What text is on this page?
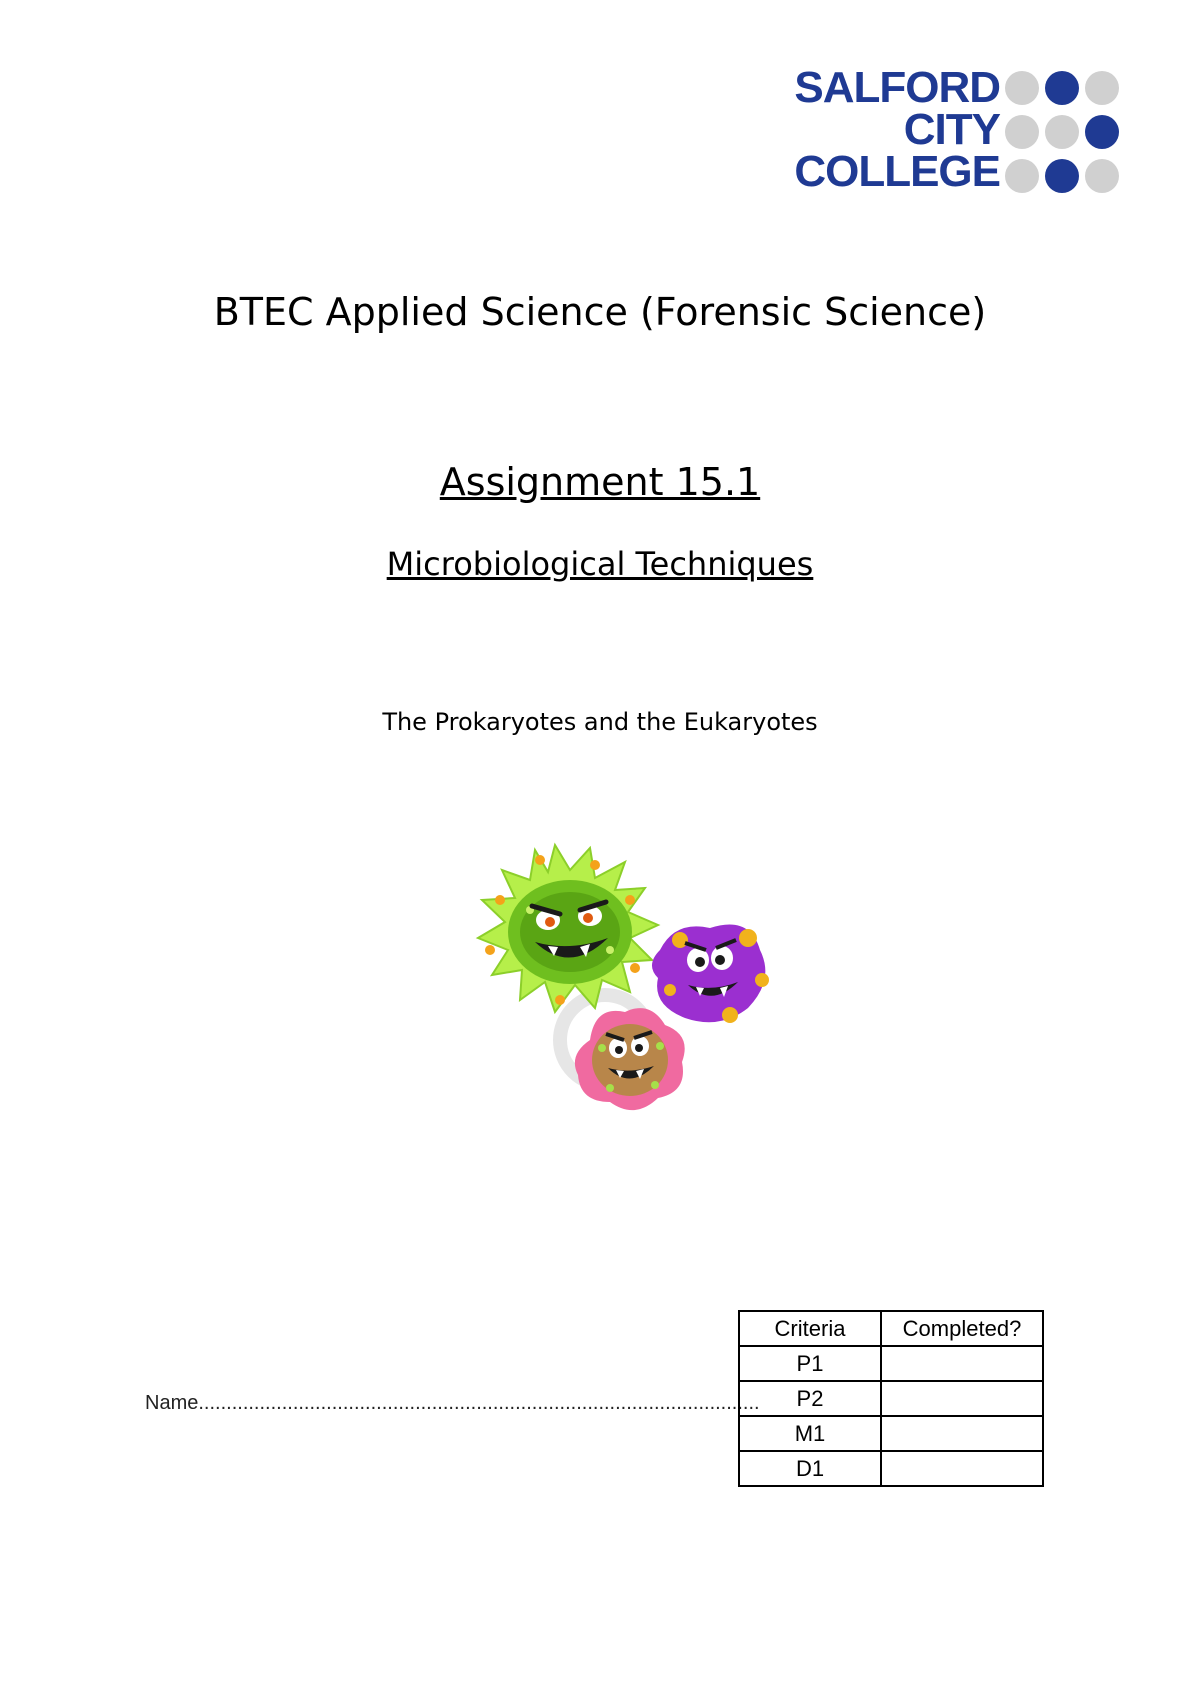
SALFORD
CITY
COLLEGE
BTEC Applied Science (Forensic Science)
Assignment 15.1
Microbiological Techniques
The Prokaryotes and the Eukaryotes
Name.....................................................................................................
Criteria	Completed?
P1	
P2	
M1	
D1	
